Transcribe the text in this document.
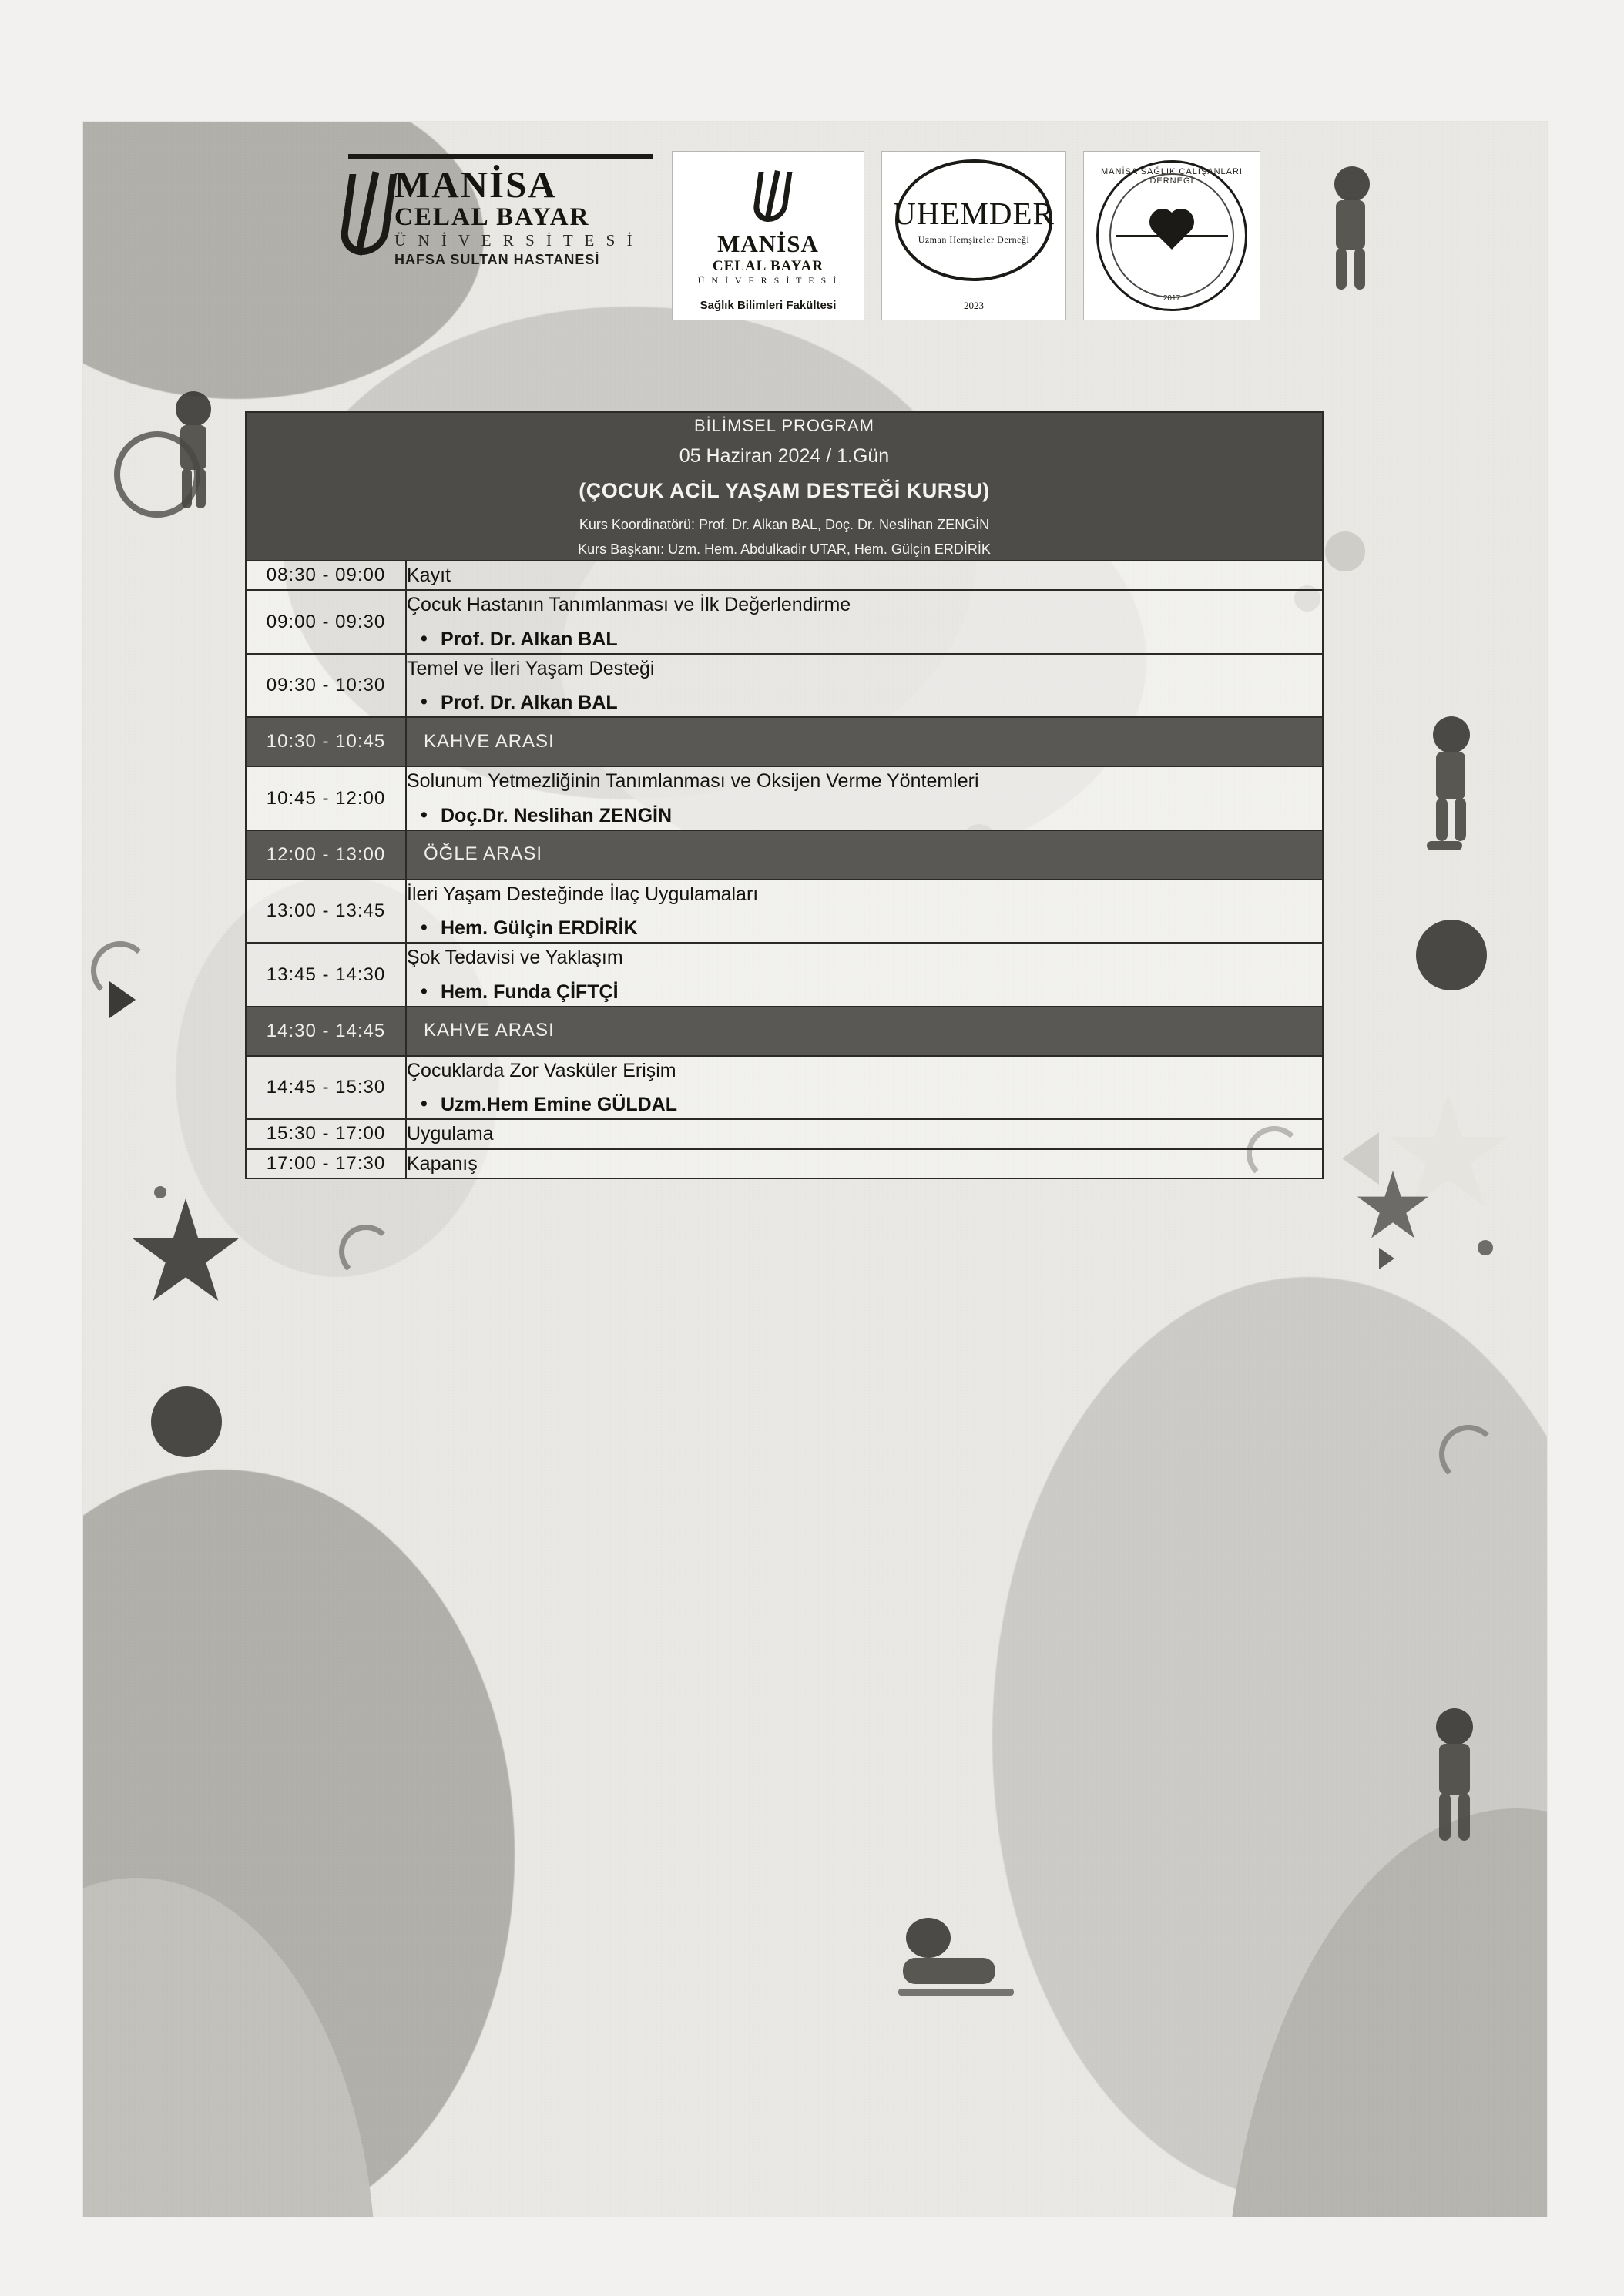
MANİSA
CELAL BAYAR
Ü N İ V E R S İ T E S İ
HAFSA SULTAN HASTANESİ
MANİSA
CELAL BAYAR
Ü N İ V E R S İ T E S İ
Sağlık Bilimleri Fakültesi
UHEMDER
Uzman Hemşireler Derneği
2023
MANİSA SAĞLIK ÇALIŞANLARI DERNEĞİ
2017
BİLİMSEL PROGRAM
05 Haziran 2024 / 1.Gün
(ÇOCUK ACİL YAŞAM DESTEĞİ KURSU)
Kurs Koordinatörü: Prof. Dr. Alkan BAL, Doç. Dr. Neslihan ZENGİN
Kurs Başkanı: Uzm. Hem. Abdulkadir UTAR, Hem. Gülçin ERDİRİK	

08:30 - 09:00	Kayıt

09:00 - 09:30	Çocuk Hastanın Tanımlanması ve İlk Değerlendirme
• Prof. Dr. Alkan BAL

09:30 - 10:30	Temel ve İleri Yaşam Desteği
• Prof. Dr. Alkan BAL

10:30 - 10:45	KAHVE ARASI
10:45 - 12:00	Solunum Yetmezliğinin Tanımlanması ve Oksijen Verme Yöntemleri
• Doç.Dr. Neslihan ZENGİN

12:00 - 13:00	ÖĞLE ARASI
13:00 - 13:45	İleri Yaşam Desteğinde İlaç Uygulamaları
• Hem. Gülçin ERDİRİK

13:45 - 14:30	Şok Tedavisi ve Yaklaşım
• Hem. Funda ÇİFTÇİ

14:30 - 14:45	KAHVE ARASI
14:45 - 15:30	Çocuklarda Zor Vasküler Erişim
• Uzm.Hem Emine GÜLDAL

15:30 - 17:00	Uygulama

17:00 - 17:30	Kapanış
